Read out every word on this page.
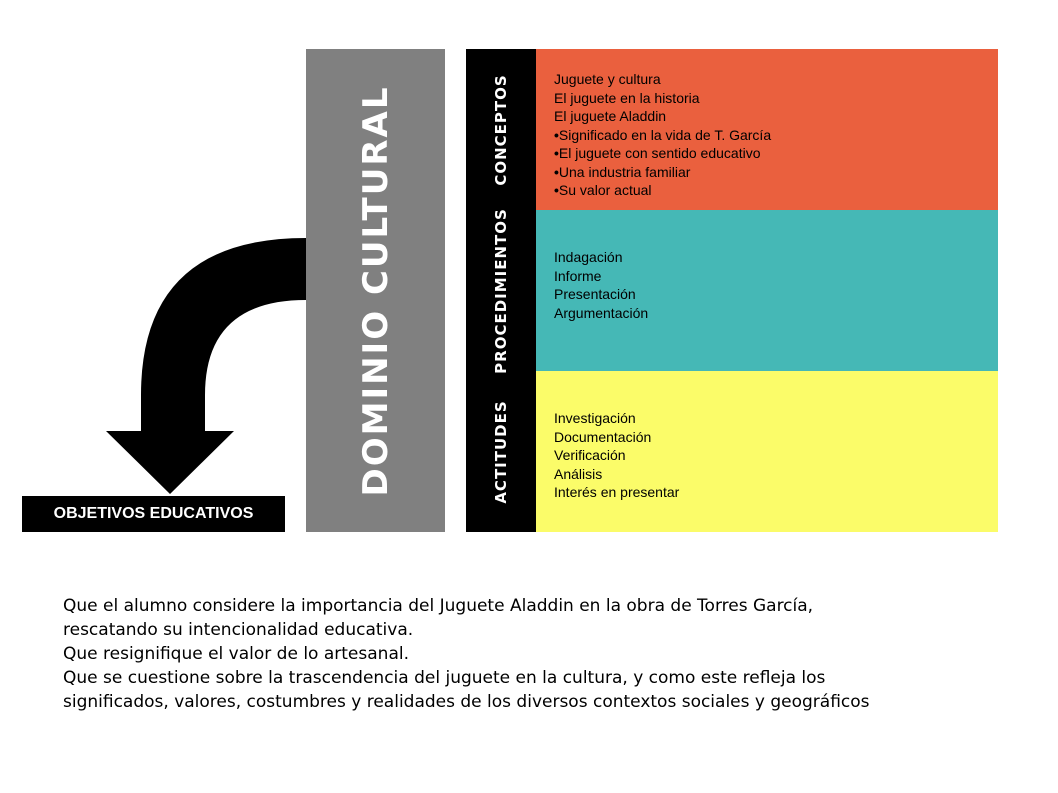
DOMINIO CULTURAL	CONCEPTOS
PROCEDIMIENTOS
ACTITUDES
Juguete y cultura
El juguete en la historia
El juguete Aladdin
•Significado en la vida de T. García
•El juguete con sentido educativo
•Una industria familiar
•Su valor actual
Indagación
Informe
Presentación
Argumentación
Investigación
Documentación
Verificación
Análisis
Interés en presentar
OBJETIVOS EDUCATIVOS

Que el alumno considere la importancia del Juguete Aladdin en la obra de Torres García,

rescatando su intencionalidad educativa.

Que resignifique el valor de lo artesanal.

Que se cuestione sobre la trascendencia del juguete en la cultura, y como este refleja los

significados, valores, costumbres y realidades de los diversos contextos sociales y geográficos
